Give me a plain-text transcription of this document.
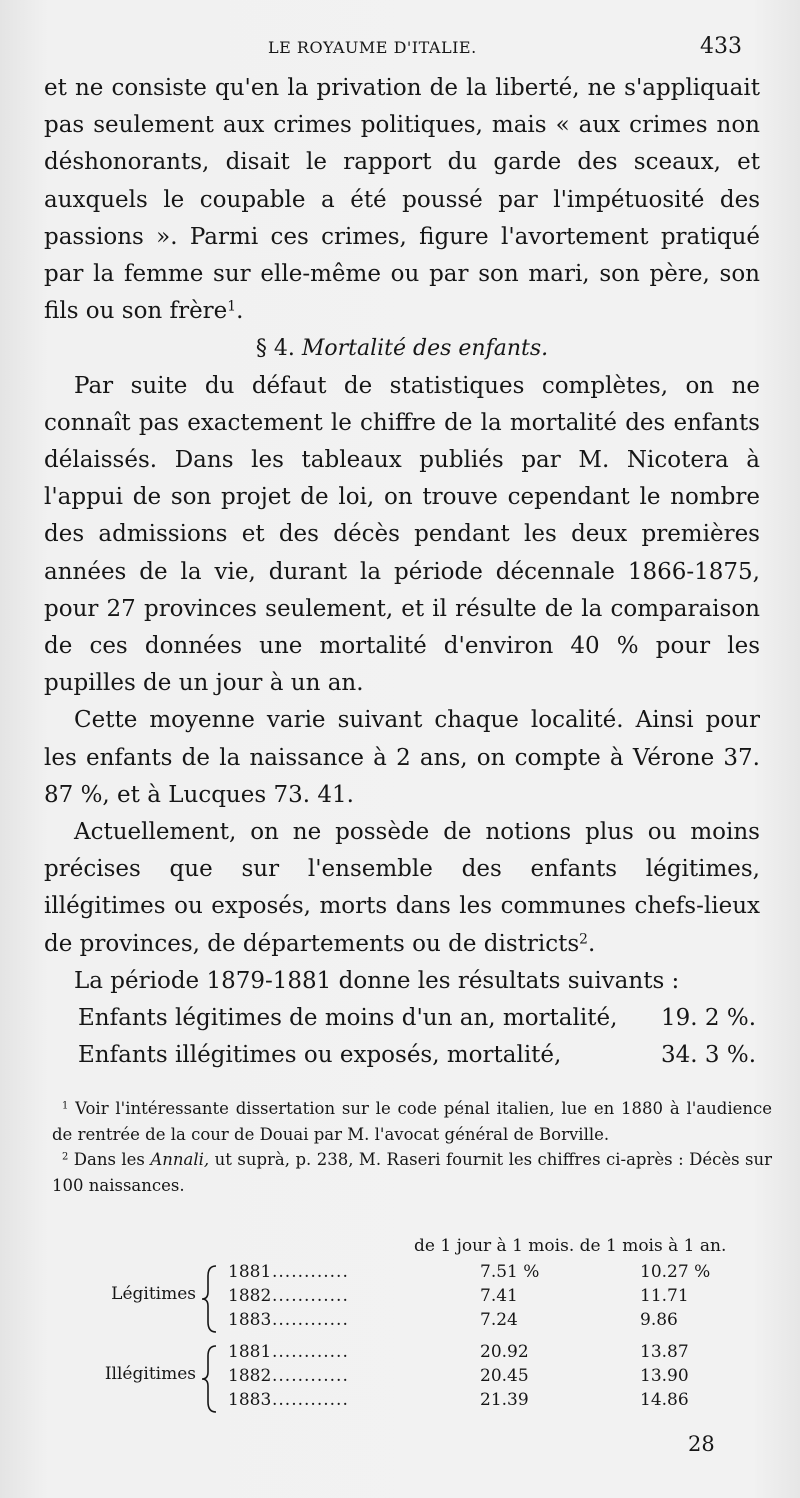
LE ROYAUME D'ITALIE.	433

et ne consiste qu'en la privation de la liberté, ne s'appliquait pas seulement aux crimes politiques, mais « aux crimes non déshonorants, disait le rapport du garde des sceaux, et auxquels le coupable a été poussé par l'impétuosité des passions ». Parmi ces crimes, figure l'avortement pratiqué par la femme sur elle-même ou par son mari, son père, son fils ou son frère$^1$.

§ 4. Mortalité des enfants.

Par suite du défaut de statistiques complètes, on ne connaît pas exactement le chiffre de la mortalité des enfants délaissés. Dans les tableaux publiés par M. Nicotera à l'appui de son projet de loi, on trouve cependant le nombre des admissions et des décès pendant les deux premières années de la vie, durant la période décennale 1866-1875, pour 27 provinces seulement, et il résulte de la comparaison de ces données une mortalité d'environ 40 % pour les pupilles de un jour à un an.

Cette moyenne varie suivant chaque localité. Ainsi pour les enfants de la naissance à 2 ans, on compte à Vérone 37. 87 %, et à Lucques 73. 41.

Actuellement, on ne possède de notions plus ou moins précises que sur l'ensemble des enfants légitimes, illégitimes ou exposés, morts dans les communes chefs-lieux de provinces, de départements ou de districts$^2$.

La période 1879-1881 donne les résultats suivants :

Enfants légitimes de moins d'un an, mortalité, 19. 2 %.
Enfants illégitimes ou exposés, mortalité,	34. 3 %.

$^1$ Voir l'intéressante dissertation sur le code pénal italien, lue en 1880 à l'audience de rentrée de la cour de Douai par M. l'avocat général de Borville.

$^2$ Dans les Annali, ut suprà, p. 238, M. Raseri fournit les chiffres ci-après : Décès sur 100 naissances.

de 1 jour à 1 mois. de 1 mois à 1 an.
Légitimes
1881 ............	7.51 %	10.27 %
1882 ............	7.41	11.71
1883 ............	7.24	9.86
Illégitimes
1881 ............	20.92	13.87
1882 ............	20.45	13.90
1883 ............	21.39	14.86
28
